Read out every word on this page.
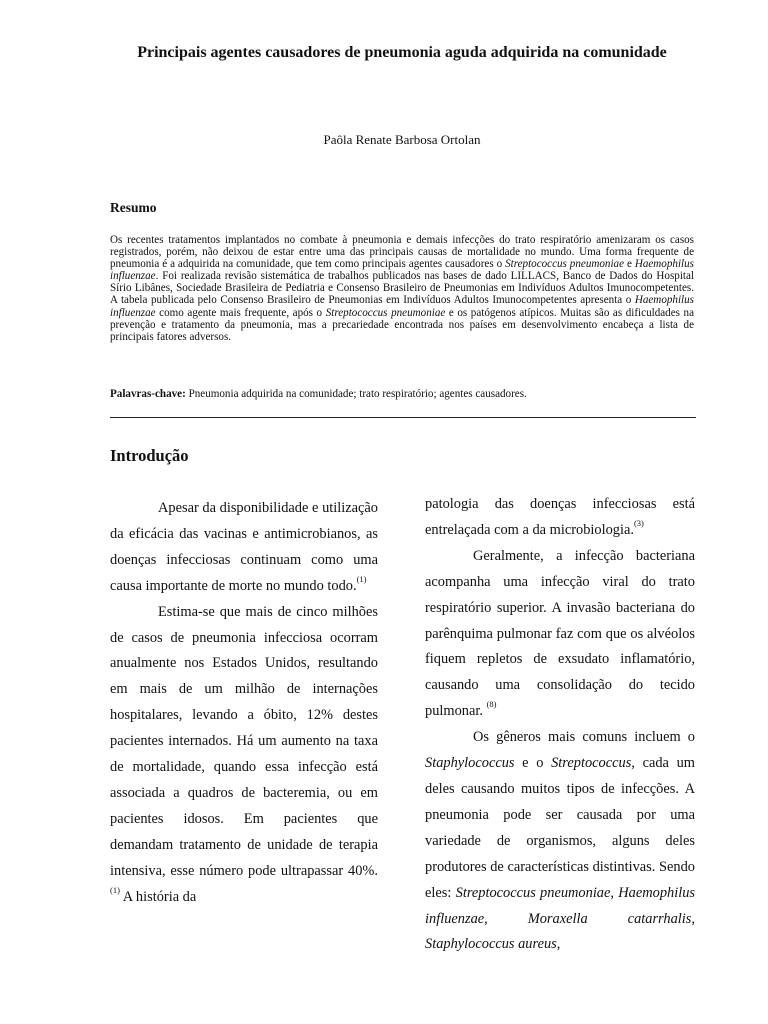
Principais agentes causadores de pneumonia aguda adquirida na comunidade
Paôla Renate Barbosa Ortolan
Resumo
Os recentes tratamentos implantados no combate à pneumonia e demais infecções do trato respiratório amenizaram os casos registrados, porém, não deixou de estar entre uma das principais causas de mortalidade no mundo. Uma forma frequente de pneumonia é a adquirida na comunidade, que tem como principais agentes causadores o Streptococcus pneumoniae e Haemophilus influenzae. Foi realizada revisão sistemática de trabalhos publicados nas bases de dado LILLACS, Banco de Dados do Hospital Sírio Libânes, Sociedade Brasileira de Pediatria e Consenso Brasileiro de Pneumonias em Indivíduos Adultos Imunocompetentes. A tabela publicada pelo Consenso Brasileiro de Pneumonias em Indivíduos Adultos Imunocompetentes apresenta o Haemophilus influenzae como agente mais frequente, após o Streptococcus pneumoniae e os patógenos atípicos. Muitas são as dificuldades na prevenção e tratamento da pneumonia, mas a precariedade encontrada nos países em desenvolvimento encabeça a lista de principais fatores adversos.
Palavras-chave: Pneumonia adquirida na comunidade; trato respiratório; agentes causadores.
Introdução

Apesar da disponibilidade e utilização da eficácia das vacinas e antimicrobianos, as doenças infecciosas continuam como uma causa importante de morte no mundo todo.$^{(1)}$

Estima-se que mais de cinco milhões de casos de pneumonia infecciosa ocorram anualmente nos Estados Unidos, resultando em mais de um milhão de internações hospitalares, levando a óbito, 12% destes pacientes internados. Há um aumento na taxa de mortalidade, quando essa infecção está associada a quadros de bacteremia, ou em pacientes idosos. Em pacientes que demandam tratamento de unidade de terapia intensiva, esse número pode ultrapassar 40%.$^{(1)}$ A história da

patologia das doenças infecciosas está entrelaçada com a da microbiologia.$^{(3)}$

Geralmente, a infecção bacteriana acompanha uma infecção viral do trato respiratório superior. A invasão bacteriana do parênquima pulmonar faz com que os alvéolos fiquem repletos de exsudato inflamatório, causando uma consolidação do tecido pulmonar. $^{(8)}$

Os gêneros mais comuns incluem o Staphylococcus e o Streptococcus, cada um deles causando muitos tipos de infecções. A pneumonia pode ser causada por uma variedade de organismos, alguns deles produtores de características distintivas. Sendo eles: Streptococcus pneumoniae, Haemophilus influenzae, Moraxella catarrhalis, Staphylococcus aureus,
